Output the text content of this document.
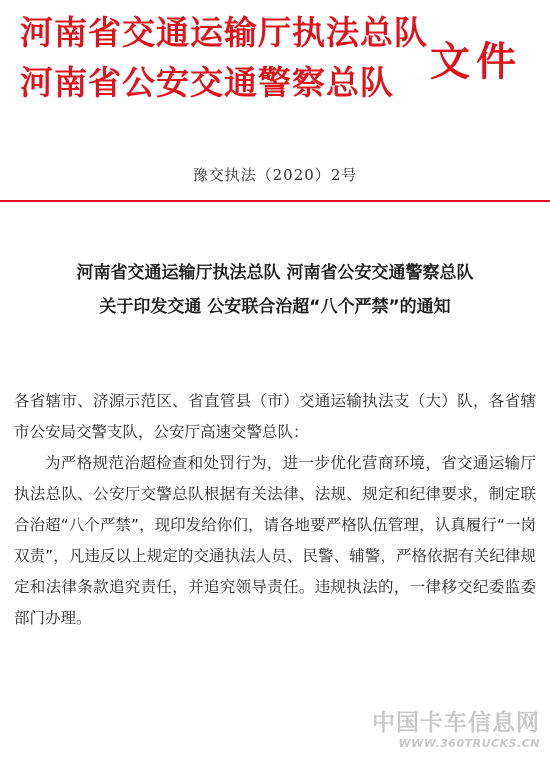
河南省交通运输厅执法总队
河南省公安交通警察总队 文件
豫交执法（2020）2号
河南省交通运输厅执法总队 河南省公安交通警察总队
关于印发交通 公安联合治超“八个严禁”的通知

各省辖市、济源示范区、省直管县（市）交通运输执法支（大）队，各省辖市公安局交警支队，公安厅高速交警总队：

为严格规范治超检查和处罚行为，进一步优化营商环境，省交通运输厅执法总队、公安厅交警总队根据有关法律、法规、规定和纪律要求，制定联合治超“八个严禁”，现印发给你们，请各地要严格队伍管理，认真履行“一岗双责”，凡违反以上规定的交通执法人员、民警、辅警，严格依据有关纪律规定和法律条款追究责任，并追究领导责任。违规执法的，一律移交纪委监委部门办理。

中国卡车信息网
WWW.360TRUCKS.CN
